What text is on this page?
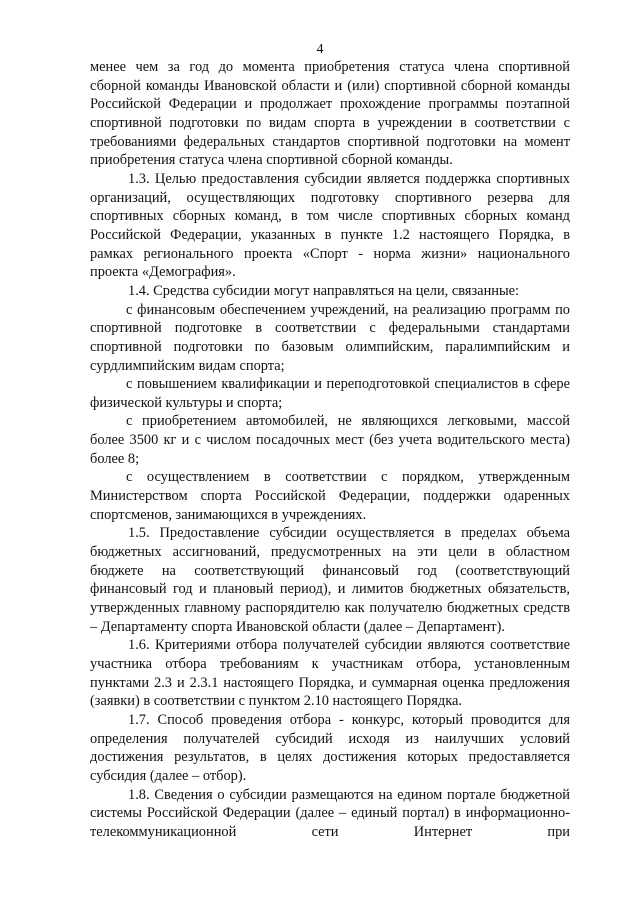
4

менее чем за год до момента приобретения статуса члена спортивной сборной команды Ивановской области и (или) спортивной сборной команды Российской Федерации и продолжает прохождение программы поэтапной спортивной подготовки по видам спорта в учреждении в соответствии с требованиями федеральных стандартов спортивной подготовки на момент приобретения статуса члена спортивной сборной команды.

1.3. Целью предоставления субсидии является поддержка спортивных организаций, осуществляющих подготовку спортивного резерва для спортивных сборных команд, в том числе спортивных сборных команд Российской Федерации, указанных в пункте 1.2 настоящего Порядка, в рамках регионального проекта «Спорт - норма жизни» национального проекта «Демография».

1.4. Средства субсидии могут направляться на цели, связанные:

с финансовым обеспечением учреждений, на реализацию программ по спортивной подготовке в соответствии с федеральными стандартами спортивной подготовки по базовым олимпийским, паралимпийским и сурдлимпийским видам спорта;

с повышением квалификации и переподготовкой специалистов в сфере физической культуры и спорта;

с приобретением автомобилей, не являющихся легковыми, массой более 3500 кг и с числом посадочных мест (без учета водительского места) более 8;

с осуществлением в соответствии с порядком, утвержденным Министерством спорта Российской Федерации, поддержки одаренных спортсменов, занимающихся в учреждениях.

1.5. Предоставление субсидии осуществляется в пределах объема бюджетных ассигнований, предусмотренных на эти цели в областном бюджете на соответствующий финансовый год (соответствующий финансовый год и плановый период), и лимитов бюджетных обязательств, утвержденных главному распорядителю как получателю бюджетных средств – Департаменту спорта Ивановской области (далее – Департамент).

1.6. Критериями отбора получателей субсидии являются соответствие участника отбора требованиям к участникам отбора, установленным пунктами 2.3 и 2.3.1 настоящего Порядка, и суммарная оценка предложения (заявки) в соответствии с пунктом 2.10 настоящего Порядка.

1.7. Способ проведения отбора - конкурс, который проводится для определения получателей субсидий исходя из наилучших условий достижения результатов, в целях достижения которых предоставляется субсидия (далее – отбор).

1.8. Сведения о субсидии размещаются на едином портале бюджетной системы Российской Федерации (далее – единый портал) в информационно-телекоммуникационной сети Интернет при
